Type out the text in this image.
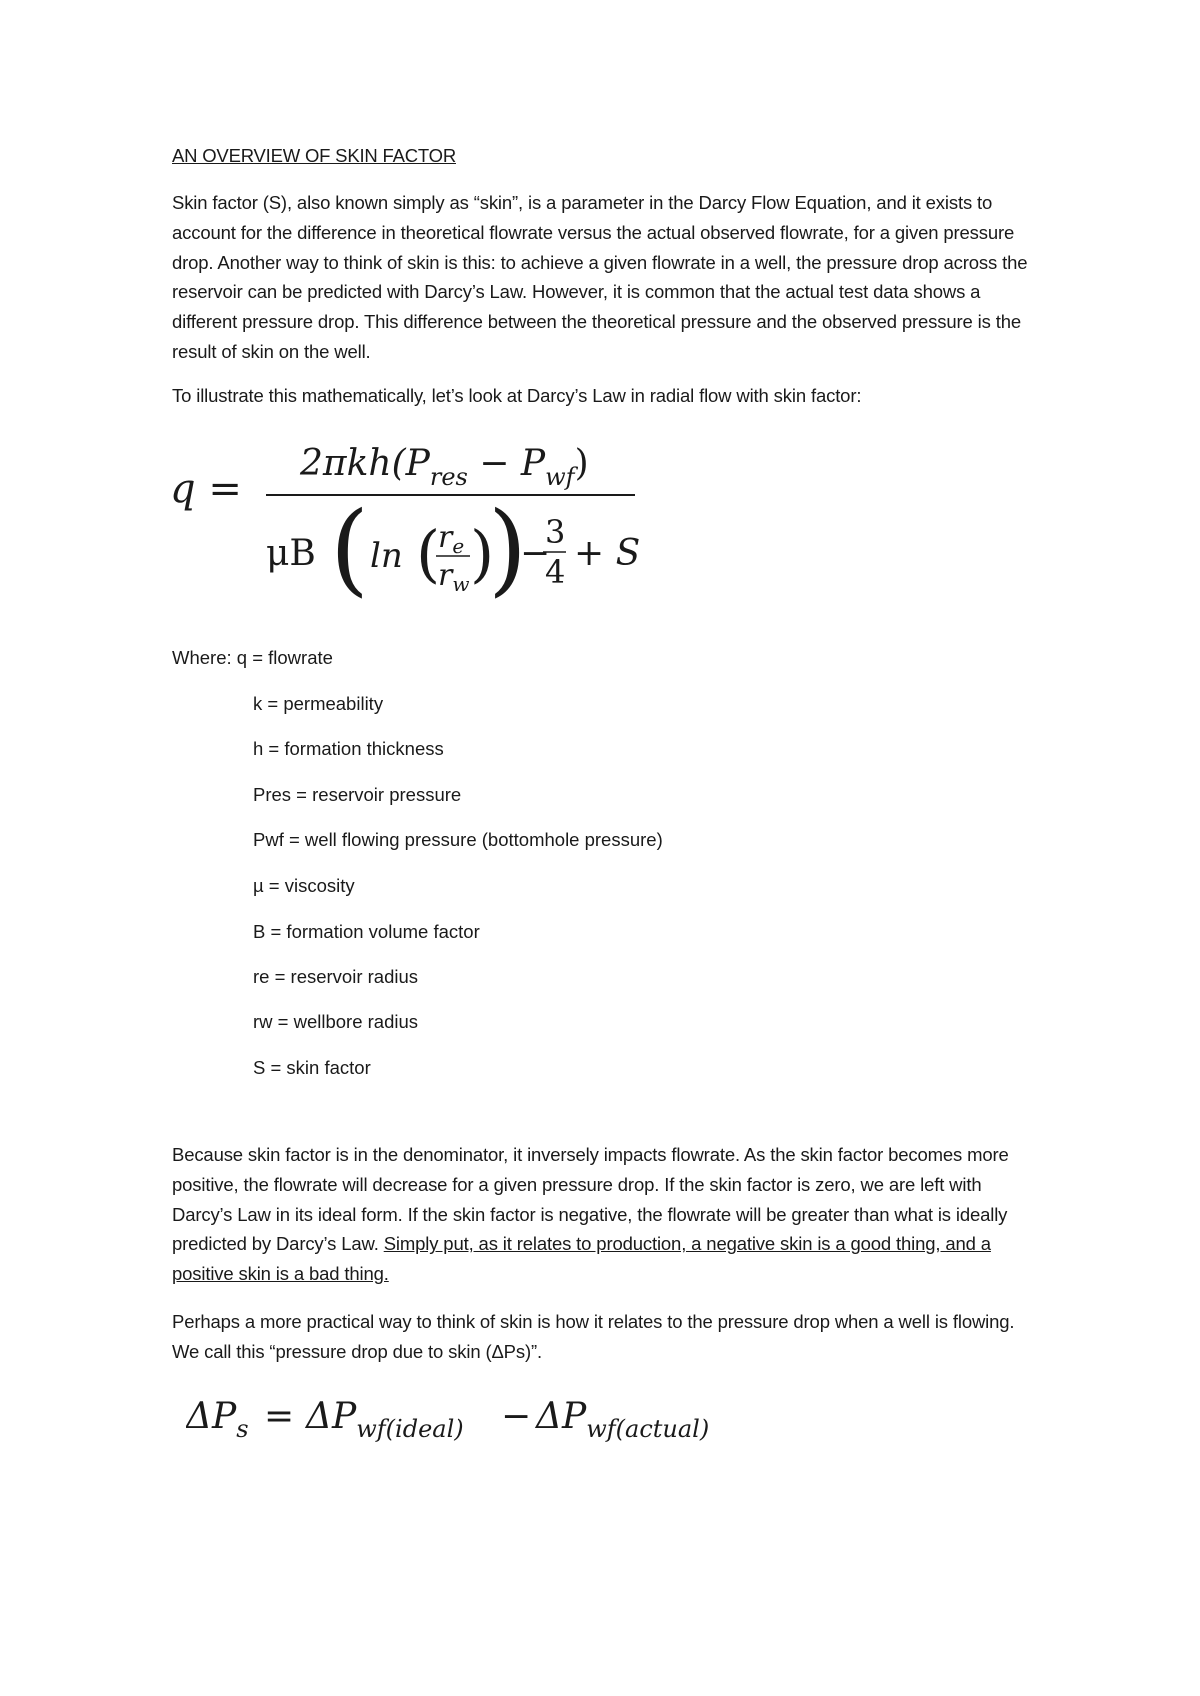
AN OVERVIEW OF SKIN FACTOR

Skin factor (S), also known simply as “skin”, is a parameter in the Darcy Flow Equation, and it exists to account for the difference in theoretical flowrate versus the actual observed flowrate, for a given pressure drop. Another way to think of skin is this: to achieve a given flowrate in a well, the pressure drop across the reservoir can be predicted with Darcy’s Law. However, it is common that the actual test data shows a different pressure drop. This difference between the theoretical pressure and the observed pressure is the result of skin on the well.

To illustrate this mathematically, let’s look at Darcy’s Law in radial flow with skin factor:

q =
$2\pi kh(P_{res} - P_{wf})$
μB ( ln (
$r_e$
$r_w$ )
)
−
3
4 + S

Where: q = flowrate

k = permeability

h = formation thickness

Pres = reservoir pressure

Pwf = well flowing pressure (bottomhole pressure)

µ = viscosity

B = formation volume factor

re = reservoir radius

rw = wellbore radius

S = skin factor

Because skin factor is in the denominator, it inversely impacts flowrate. As the skin factor becomes more positive, the flowrate will decrease for a given pressure drop. If the skin factor is zero, we are left with Darcy’s Law in its ideal form. If the skin factor is negative, the flowrate will be greater than what is ideally predicted by Darcy’s Law. Simply put, as it relates to production, a negative skin is a good thing, and a positive skin is a bad thing.

Perhaps a more practical way to think of skin is how it relates to the pressure drop when a well is flowing. We call this “pressure drop due to skin (ΔPs)”.

$\Delta P_s = \Delta P_{wf(ideal)} - \Delta P_{wf(actual)}$
